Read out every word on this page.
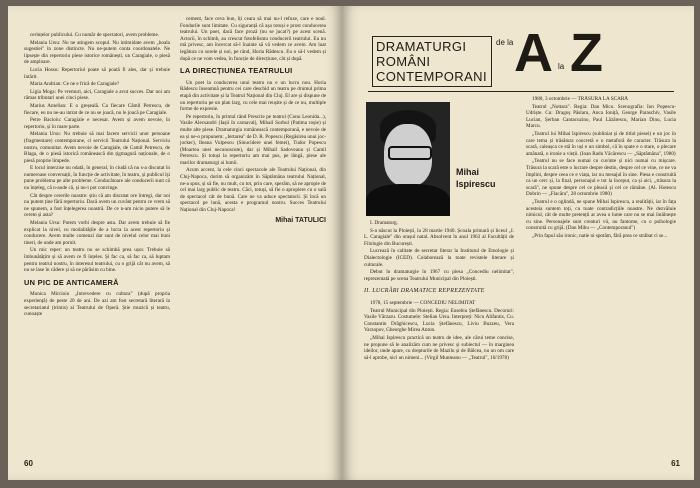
cerințelor publicului. Cu număr de spectatori, avem probleme.

Melania Ursu: Nu ne atingem scopul. Nu intimidate avem „boala sugestiei" în zone distincte. Nu ne-putem conta coordonatele. Ne lipsește din repertoriu piese istorice românești, un Caragiale, o piesă de amploare.

Lucia Hossu: Repertoriul poate să poată fi ales, dar și trebuie întărit.

Maria Andrian: Ce ne e frică de Caragiale?

Ligia Moga: Pe vremuri, aici, Caragiale a avut succes. Dar noi am rămas tributari unei cinci piese.

Marius Amelian: E o greșeală. Ca fiecare Cămil Petrescu, de fiecare, eu nu ne-au intrat de ce nu se joacă, nu le joacă pe Caragiale.

Petre Bacioiu: Caragiale e necesar. Avem și avem nevoie, în repertoriu, și în mare parte.

Melania Ursu: Nu trebuie să mai facem servicii unor persoane (fragmentare) contemporane, ci servicii Teatrului Național. Serviciu nostru, comunitar. Avem nevoie de Caragiale, de Camil Petrescu, de Blaga, de o piesă istorică românească din țigmagură naționale, de o piesă proprie limpede.

E locul interzise nu odată, în general, în ciudă că nu s-a discutat în numeroase conversații, în funcție de activitate, în teatru, și publicul își pune problema pe alte probleme. Conducătoare ale conducerii sunt că nu înțeleg, că n-aude că, și nu-i pot convinge.

Cât despre cererile noastre: știu că am discutat ore întregi, dar noi nu putem ține fără repertoriu. Dacă avem un cuvânt pentru ce vrem să ne spunem, a fost înțelegerea noastră. De ce n-am nicio putere să le cerem și asta?

Melania Ursu: Putem vorbi despre asta. Dar avem trebuie să fie explicat la nivel, cu modalitățile de a lucra la acest repertoriu și conducere. Avem multe comenzi dar sunt de nivelul celor mai buni tineri, de unde am pornit.

Un mic reper: un teatru nu se schimbă prea ușor. Trebuie să îmbunătățim și să avem ce fi înțeles. Și fac ca, să fac ca, să luptam pentru teatrul nostru, în interesul teatrului, cu o grijă cât nu avem, să nu se lase în cădere și să ne părăsim cu bine.

UN PIC DE ANTICAMERĂ

Monica Mircioiu „Intrevedere cu cultura" (după propria experiență) de peste 20 de ani. De azi am fost secretară literară la secretariatul (trimis) al Teatrului de Operă. Știe muzică și teatru, cunoaște

cement, face ceva bun, îți ceara să mai nu-l refuze, care e noul. Fondurile sunt limitate. Cu siguranță că așa totuși e prost conducerea teatrului. Un poet, dacă face proză (nu se jucat?) pe acest scenă. Actorii, în schimb, au crescut fotofelismu conducerii teatrului. Eu nu mă privesc, am încercat să-l înainte să vă vedem ce avem. Am luat legătura cu sorele și noi, pe rând, Horia Rădescu. Eu o să-l vedem și după ce ne vom vedea, în funcție de direcțiune, cât și după.

LA DIRECȚIUNEA TEATRULUI

Un poet la conducerea unui teatru nu e un lucru nou. Horia Rădescu înseamnă pentru cei care deschid un teatru pe drumul prima etapă din activitate și la Teatrul Național din Cluj. El are și dispune de un repertoriu pe un plan larg, cu cele mai reușite și de ce nu, multiple forme de expresie.

Pe repertoriu, în primul rând Prescrie pe teatrul (Conu Leonida...), Vasile Alecsandri (Iașii în carnaval), Mihail Sorbul (Patima roșie) și multe alte piese. Dramaturgia românească contemporană, e nevoie de ea și ne-o propunem: „Iertarea" de D. R. Popescu (Regăsirea unui joc-jocker), Ileana Vulpescu (Sinucidere unei femei), Tudor Popescu (Moartea unei necunoscute), dar și Mihail Sadoveanu și Camil Petrescu. Și totuși la repertoriu am mai pus, pe lângă, piese ale marilor dramaturgi ai lumii.

Acum accent, la cele cinci spectacole ale Teatrului Național, din Cluj-Napoca, dorim să organizăm în Săptămâna teatrului Național, ne-a spus, și să fie, nu mult, cu tot, prin care, sperăm, să ne apropie de cel mai larg public de teatru. Căci, totuși, să fie o apropiere cu o sală de spectacol cât de bună. Care ne va aduce spectatorii. Și încă un spectacol pe lună, acesta e programul nostru. Succes Teatrului Național din Cluj-Napoca!

Mihai TATULICI
60
DRAMATURGI
ROMÂNI
CONTEMPORANI
de la A la Z
Mihai
Ispirescu

I. Dramaturg.

S-a născut la Ploiești, la 28 martie 1940. Școala primară și liceul „I. L. Caragiale" din orașul natal. Absolvent în anul 1963 al Facultății de Filologie din București.

Lucrează în calitate de secretar literar la Institutul de Etnologie și Dialectologie (ICED). Colaborează la toate revistele literare și culturale.

Debut în dramaturgie în 1967 cu piesa „Concediu nelimitat", reprezentată pe scena Teatrului Municipal din Ploiești.

II. LUCRĂRI DRAMATICE REPREZENTATE

1978, 15 septembrie — CONCEDIU NELIMITAT

Teatrul Municipal din Ploiești. Regia: Eusebiu Ștefănescu. Decoruri: Vasile Vărzaru. Costumele: Stelian Ursu. Interpreți: Nicu Alifantis, Cu. Constantin Drăghicescu, Lucia Ștefănescu, Liviu Buzzeu, Vera Varzopov, Gheorghe Mirea Anton.

„Mihai Ispirescu practică un teatru de idee, ale cărui teme concise, ne propune să le analizăm cum ne privesc și subiectul — în marginea ideilor, unde apare, cu drepturile de Mazilu și de Bălcea, nu un om care să-l aprobe, nici un nimeni... (Virgil Munteanu — „Teatrul", 10/1978)

1980, 3 octombrie — TRĂSURA LA SCARĂ

Teatrul „Nottara". Regia: Dan Micu. Scenografia: Ion Popescu-Udriște. Cu: Dragoș Pâslaru, Anca Ioniță, George Paraschiv, Vasile Lucian, Șerban Cantacuzino, Paul Lăzărescu, Marian Dinu, Lucia Marcu.

„Teatrul lui Mihai Ispirescu (subliniat și de titlul piesei) e un joc în care tema și trăsătura concretă e o metaforă de caracter. Trăsura la scară, caleașca ce stă în uși e un simbol, că în spate e o stare, o plecare amânată, o ironie a vieții. (Ioan Radu Văcărescu — „Săptămâna", 1980)

„Teatrul nu se face numai cu cuvinte și nici numai cu mișcare. Trăsura la scară este o lucrare despre destin, despre cel ce vine, ce ne va împlini, despre ceea ce e viața, iar nu mesajul în sine. Piesa e construită ca un cerc și, la final, personajul e tot la început, ca și aici, „trăsura la scară", ne spune despre cel ce pleacă și cel ce rămâne. (Al. Hotescu Dobrin — „Flacăra", 28 octombrie 1980)

„Teatrul e o oglindă, ne spune Mihai Ispirescu, a realității, iar în fața acesteia suntem toți, cu toate contradicțiile noastre. Ne dezvăluie nimicul, cât de multe pretenții ar avea o lume care nu se mai întâlnește cu sine. Personajele sunt creaturi vii, nu fantome, cu o psihologie construită cu grijă. (Dan Mihu — „Contemporanul")

„Prin fapul său ironic, natie ni spotăm, fără prea ce strâbat ci se...

61
